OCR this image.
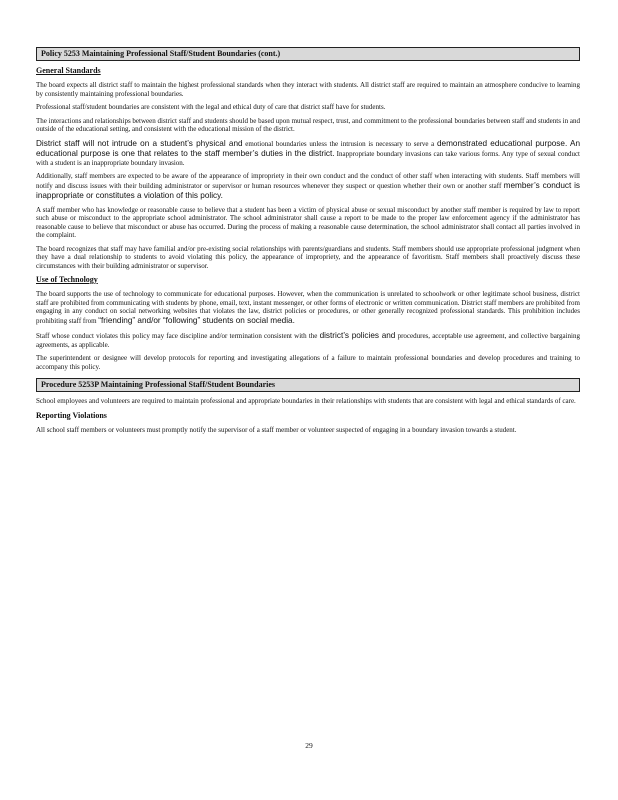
Policy 5253 Maintaining Professional Staff/Student Boundaries (cont.)
General Standards

The board expects all district staff to maintain the highest professional standards when they interact with students. All district staff are required to maintain an atmosphere conducive to learning by consistently maintaining professional boundaries.

Professional staff/student boundaries are consistent with the legal and ethical duty of care that district staff have for students.

The interactions and relationships between district staff and students should be based upon mutual respect, trust, and commitment to the professional boundaries between staff and students in and outside of the educational setting, and consistent with the educational mission of the district.

District staff will not intrude on a student’s physical and emotional boundaries unless the intrusion is necessary to serve a demonstrated educational purpose. An educational purpose is one that relates to the staff member’s duties in the district. Inappropriate boundary invasions can take various forms. Any type of sexual conduct with a student is an inappropriate boundary invasion.

Additionally, staff members are expected to be aware of the appearance of impropriety in their own conduct and the conduct of other staff when interacting with students. Staff members will notify and discuss issues with their building administrator or supervisor or human resources whenever they suspect or question whether their own or another staff member’s conduct is inappropriate or constitutes a violation of this policy.

A staff member who has knowledge or reasonable cause to believe that a student has been a victim of physical abuse or sexual misconduct by another staff member is required by law to report such abuse or misconduct to the appropriate school administrator. The school administrator shall cause a report to be made to the proper law enforcement agency if the administrator has reasonable cause to believe that misconduct or abuse has occurred. During the process of making a reasonable cause determination, the school administrator shall contact all parties involved in the complaint.

The board recognizes that staff may have familial and/or pre-existing social relationships with parents/guardians and students. Staff members should use appropriate professional judgment when they have a dual relationship to students to avoid violating this policy, the appearance of impropriety, and the appearance of favoritism. Staff members shall proactively discuss these circumstances with their building administrator or supervisor.

Use of Technology

The board supports the use of technology to communicate for educational purposes. However, when the communication is unrelated to schoolwork or other legitimate school business, district staff are prohibited from communicating with students by phone, email, text, instant messenger, or other forms of electronic or written communication. District staff members are prohibited from engaging in any conduct on social networking websites that violates the law, district policies or procedures, or other generally recognized professional standards. This prohibition includes prohibiting staff from “friending” and/or “following” students on social media.

Staff whose conduct violates this policy may face discipline and/or termination consistent with the district’s policies and procedures, acceptable use agreement, and collective bargaining agreements, as applicable.

The superintendent or designee will develop protocols for reporting and investigating allegations of a failure to maintain professional boundaries and develop procedures and training to accompany this policy.

Procedure 5253P Maintaining Professional Staff/Student Boundaries

School employees and volunteers are required to maintain professional and appropriate boundaries in their relationships with students that are consistent with legal and ethical standards of care.

Reporting Violations

All school staff members or volunteers must promptly notify the supervisor of a staff member or volunteer suspected of engaging in a boundary invasion towards a student.

29
